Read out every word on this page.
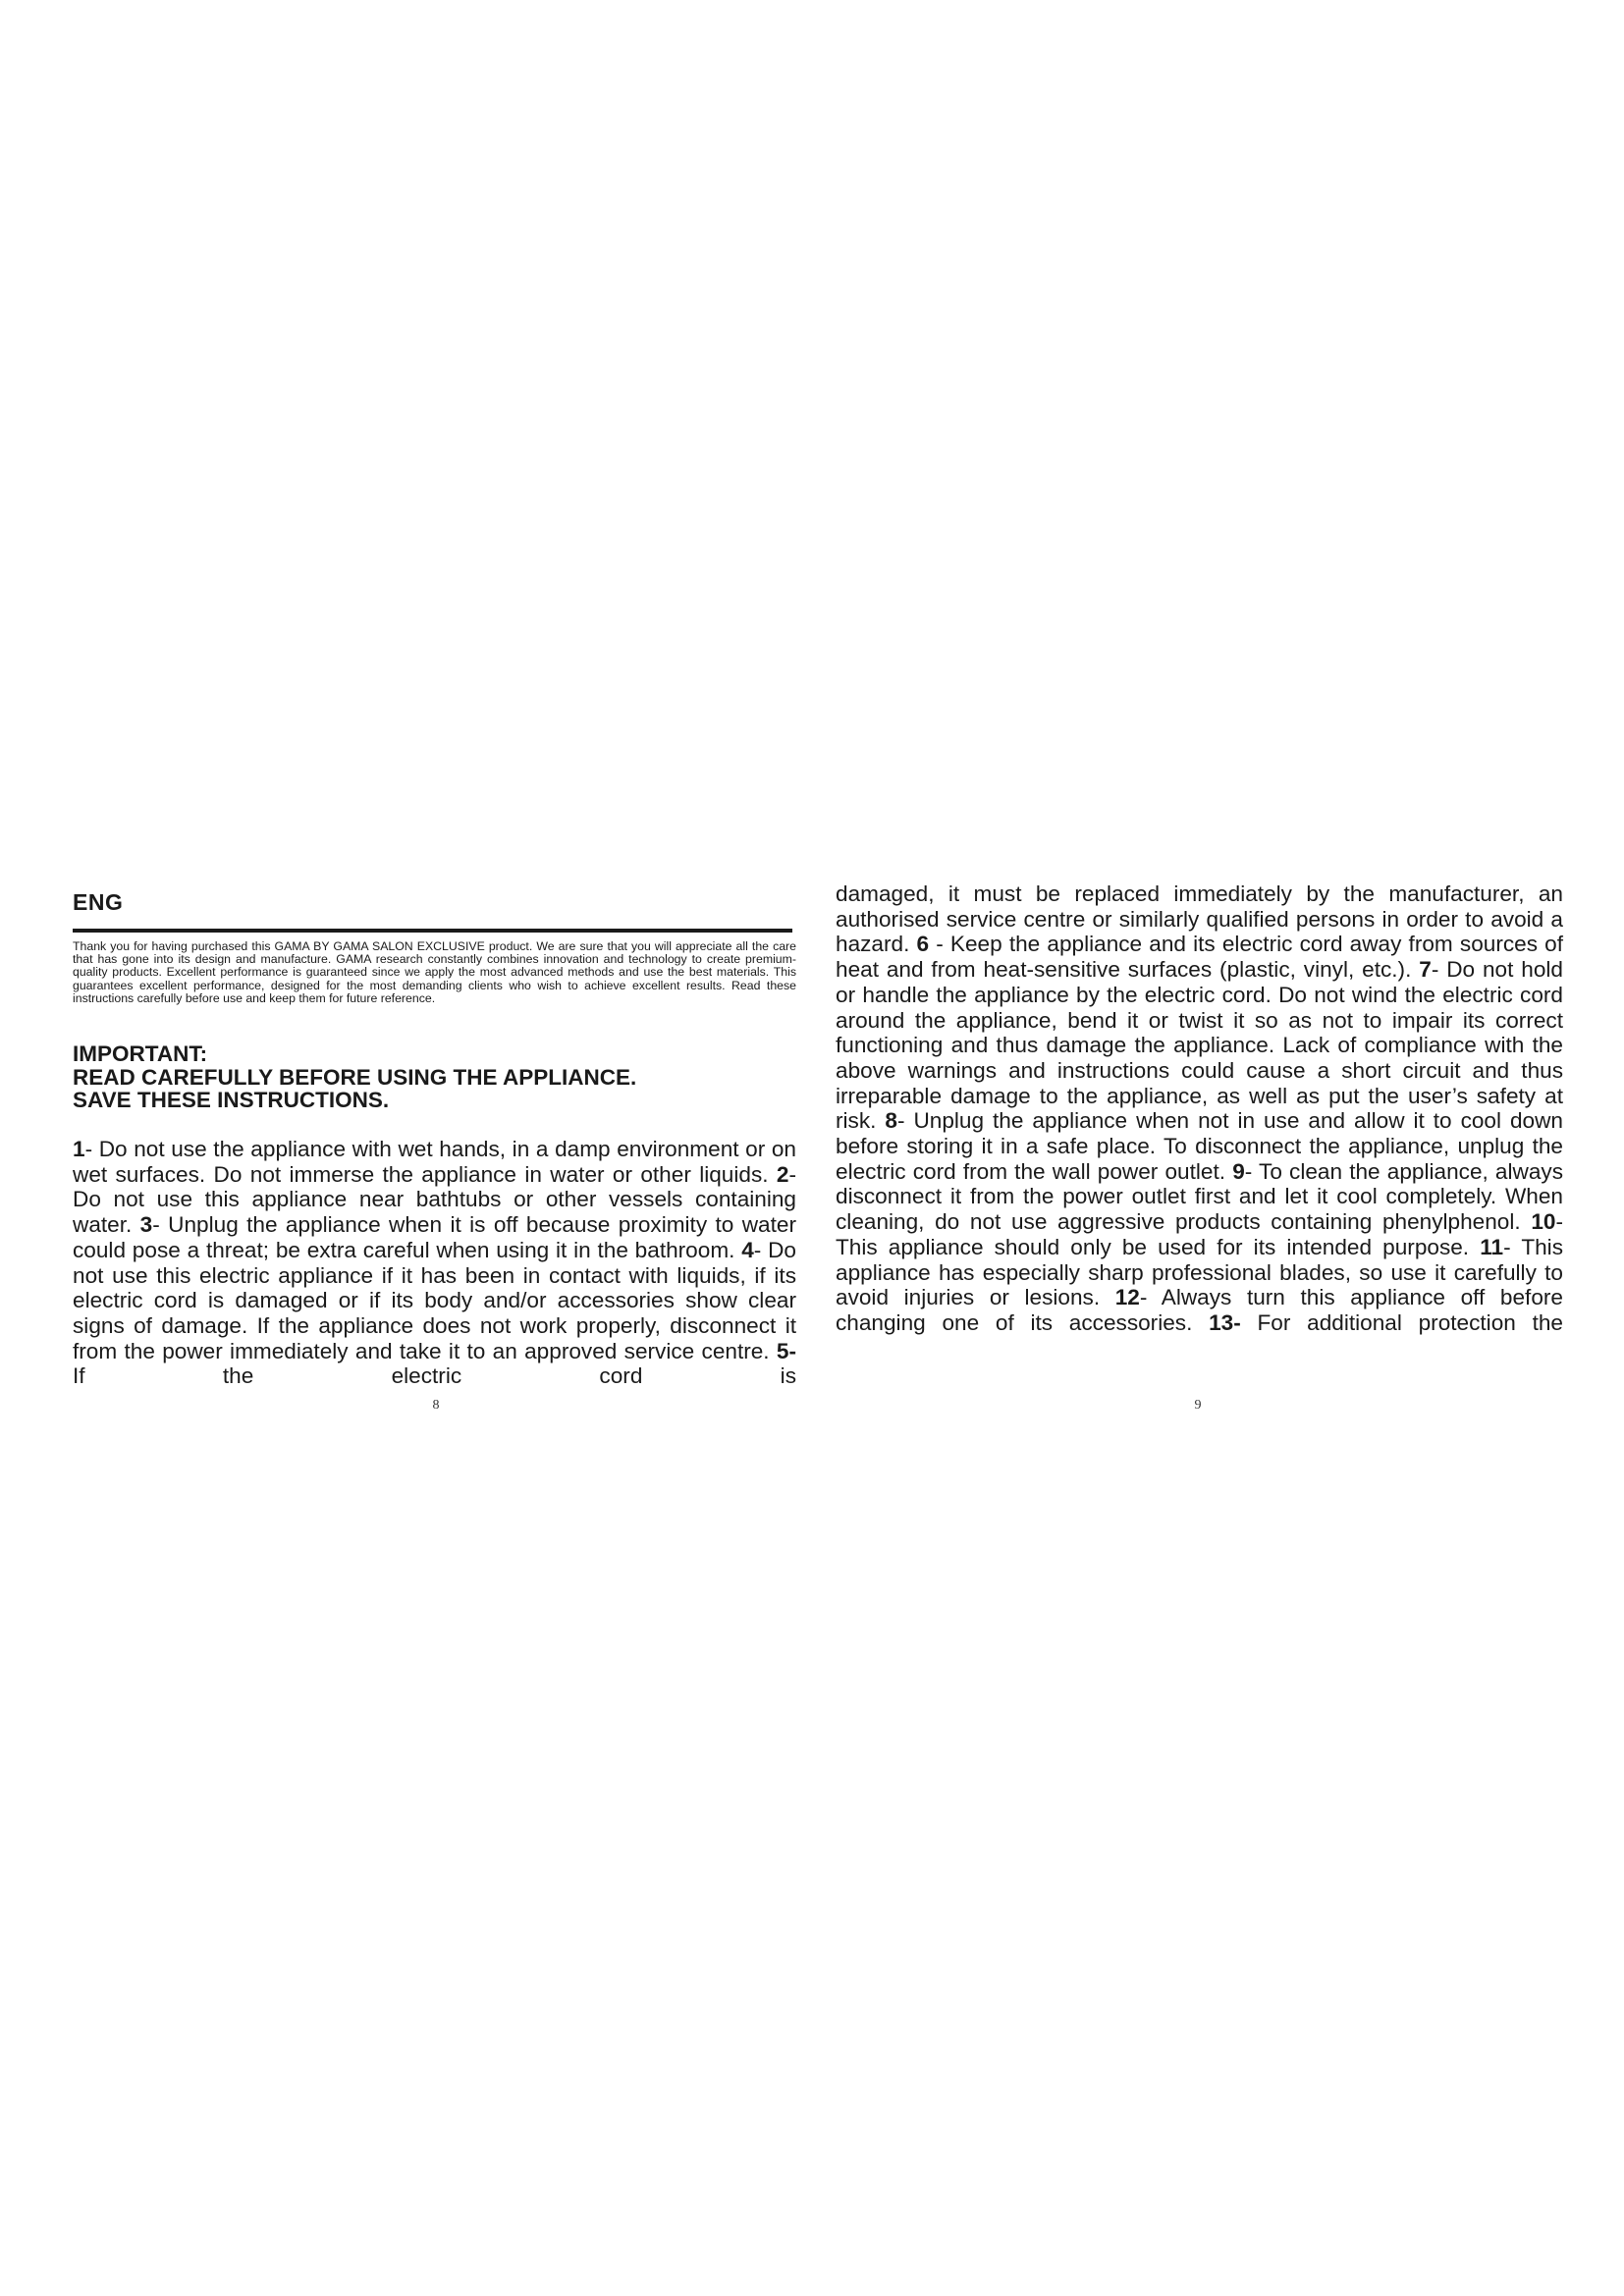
ENG

Thank you for having purchased this GAMA BY GAMA SALON EXCLUSIVE product. We are sure that you will appreciate all the care that has gone into its design and manufacture. GAMA research constantly combines innovation and technology to create premium-quality products. Excellent performance is guaranteed since we apply the most advanced methods and use the best materials. This guarantees excellent performance, designed for the most demanding clients who wish to achieve excellent results. Read these instructions carefully before use and keep them for future reference.

IMPORTANT:
READ CAREFULLY BEFORE USING THE APPLIANCE.
SAVE THESE INSTRUCTIONS.

1- Do not use the appliance with wet hands, in a damp environment or on wet surfaces. Do not immerse the appliance in water or other liquids. 2- Do not use this appliance near bathtubs or other vessels containing water. 3- Unplug the appliance when it is off because proximity to water could pose a threat; be extra careful when using it in the bathroom. 4- Do not use this electric appliance if it has been in contact with liquids, if its electric cord is damaged or if its body and/or accessories show clear signs of damage. If the appliance does not work properly, disconnect it from the power immediately and take it to an approved service centre. 5- If the electric cord is

8

damaged, it must be replaced immediately by the manufacturer, an authorised service centre or similarly qualified persons in order to avoid a hazard. 6 - Keep the appliance and its electric cord away from sources of heat and from heat-sensitive surfaces (plastic, vinyl, etc.). 7- Do not hold or handle the appliance by the electric cord. Do not wind the electric cord around the appliance, bend it or twist it so as not to impair its correct functioning and thus damage the appliance. Lack of compliance with the above warnings and instructions could cause a short circuit and thus irreparable damage to the appliance, as well as put the user’s safety at risk. 8- Unplug the appliance when not in use and allow it to cool down before storing it in a safe place. To disconnect the appliance, unplug the electric cord from the wall power outlet. 9- To clean the appliance, always disconnect it from the power outlet first and let it cool completely. When cleaning, do not use aggressive products containing phenylphenol. 10- This appliance should only be used for its intended purpose. 11- This appliance has especially sharp professional blades, so use it carefully to avoid injuries or lesions. 12- Always turn this appliance off before changing one of its accessories. 13- For additional protection the

9
